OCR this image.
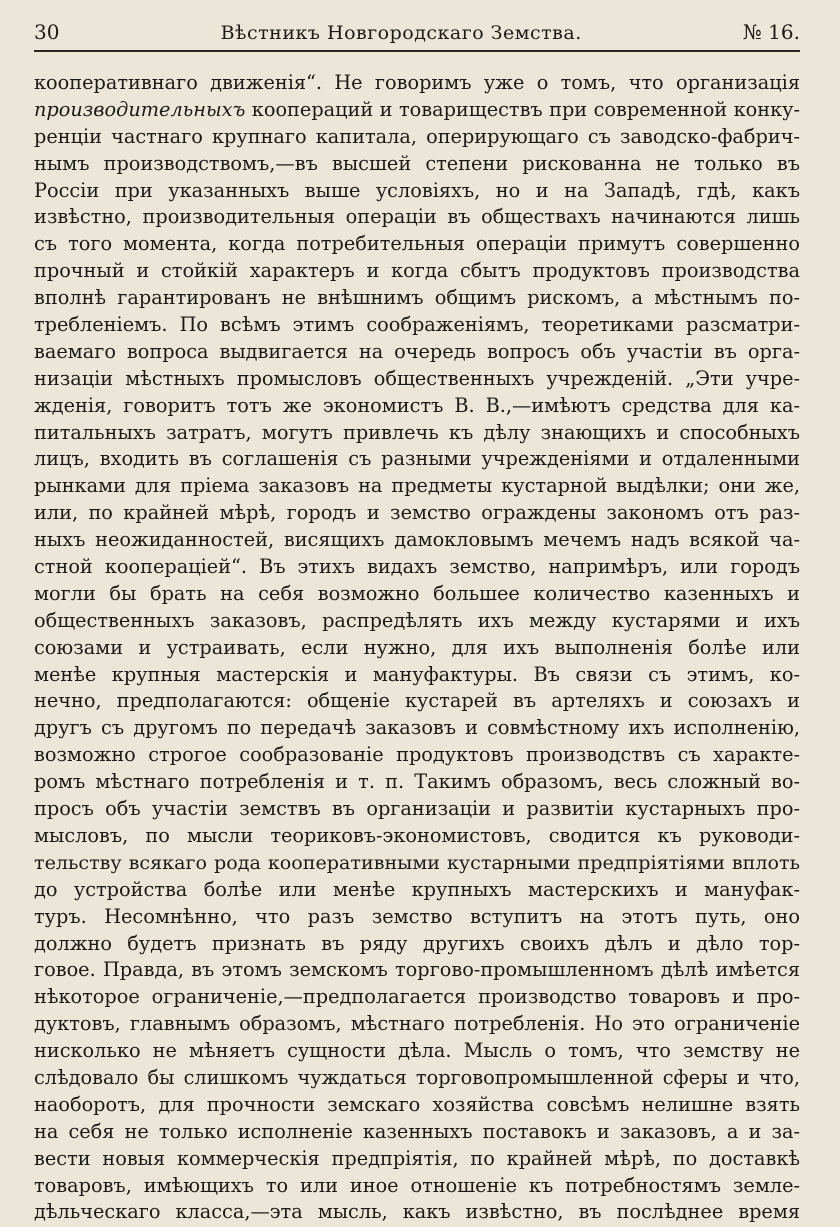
30	Вѣстникъ Новгородскаго Земства.	№ 16.
кооперативнаго движенія“. Не говоримъ уже о томъ, что организація
производительныхъ коопераций и товариществъ при современной конку-
ренціи частнаго крупнаго капитала, оперирующаго съ заводско-фабрич-
нымъ производствомъ,—въ высшей степени рискованна не только въ
Россіи при указанныхъ выше условіяхъ, но и на Западѣ, гдѣ, какъ
извѣстно, производительныя операціи въ обществахъ начинаются лишь
съ того момента, когда потребительныя операціи примутъ совершенно
прочный и стойкій характеръ и когда сбытъ продуктовъ производства
вполнѣ гарантированъ не внѣшнимъ общимъ рискомъ, а мѣстнымъ по-
требленіемъ. По всѣмъ этимъ соображеніямъ, теоретиками разсматри-
ваемаго вопроса выдвигается на очередь вопросъ объ участіи въ орга-
низаціи мѣстныхъ промысловъ общественныхъ учрежденій. „Эти учре-
жденія, говоритъ тотъ же экономистъ В. В.,—имѣютъ средства для ка-
питальныхъ затратъ, могутъ привлечь къ дѣлу знающихъ и способныхъ
лицъ, входить въ соглашенія съ разными учрежденіями и отдаленными
рынками для пріема заказовъ на предметы кустарной выдѣлки; они же,
или, по крайней мѣрѣ, городъ и земство ограждены закономъ отъ раз-
ныхъ неожиданностей, висящихъ дамокловымъ мечемъ надъ всякой ча-
стной коопераціей“. Въ этихъ видахъ земство, напримѣръ, или городъ
могли бы брать на себя возможно большее количество казенныхъ и
общественныхъ заказовъ, распредѣлять ихъ между кустарями и ихъ
союзами и устраивать, если нужно, для ихъ выполненія болѣе или
менѣе крупныя мастерскія и мануфактуры. Въ связи съ этимъ, ко-
нечно, предполагаются: общеніе кустарей въ артеляхъ и союзахъ и
другъ съ другомъ по передачѣ заказовъ и совмѣстному ихъ исполненію,
возможно строгое сообразованіе продуктовъ производствъ съ характе-
ромъ мѣстнаго потребленія и т. п. Такимъ образомъ, весь сложный во-
просъ объ участіи земствъ въ организаціи и развитіи кустарныхъ про-
мысловъ, по мысли теориковъ-экономистовъ, сводится къ руководи-
тельству всякаго рода кооперативными кустарными предпріятіями вплоть
до устройства болѣе или менѣе крупныхъ мастерскихъ и мануфак-
туръ. Несомнѣнно, что разъ земство вступитъ на этотъ путь, оно
должно будетъ признать въ ряду другихъ своихъ дѣлъ и дѣло тор-
говое. Правда, въ этомъ земскомъ торгово-промышленномъ дѣлѣ имѣется
нѣкоторое ограниченіе,—предполагается производство товаровъ и про-
дуктовъ, главнымъ образомъ, мѣстнаго потребленія. Но это ограниченіе
нисколько не мѣняетъ сущности дѣла. Мысль о томъ, что земству не
слѣдовало бы слишкомъ чуждаться торговопромышленной сферы и что,
наоборотъ, для прочности земскаго хозяйства совсѣмъ нелишне взять
на себя не только исполненіе казенныхъ поставокъ и заказовъ, а и за-
вести новыя коммерческія предпріятія, по крайней мѣрѣ, по доставкѣ
товаровъ, имѣющихъ то или иное отношеніе къ потребностямъ земле-
дѣльческаго класса,—эта мысль, какъ извѣстно, въ послѣднее время
